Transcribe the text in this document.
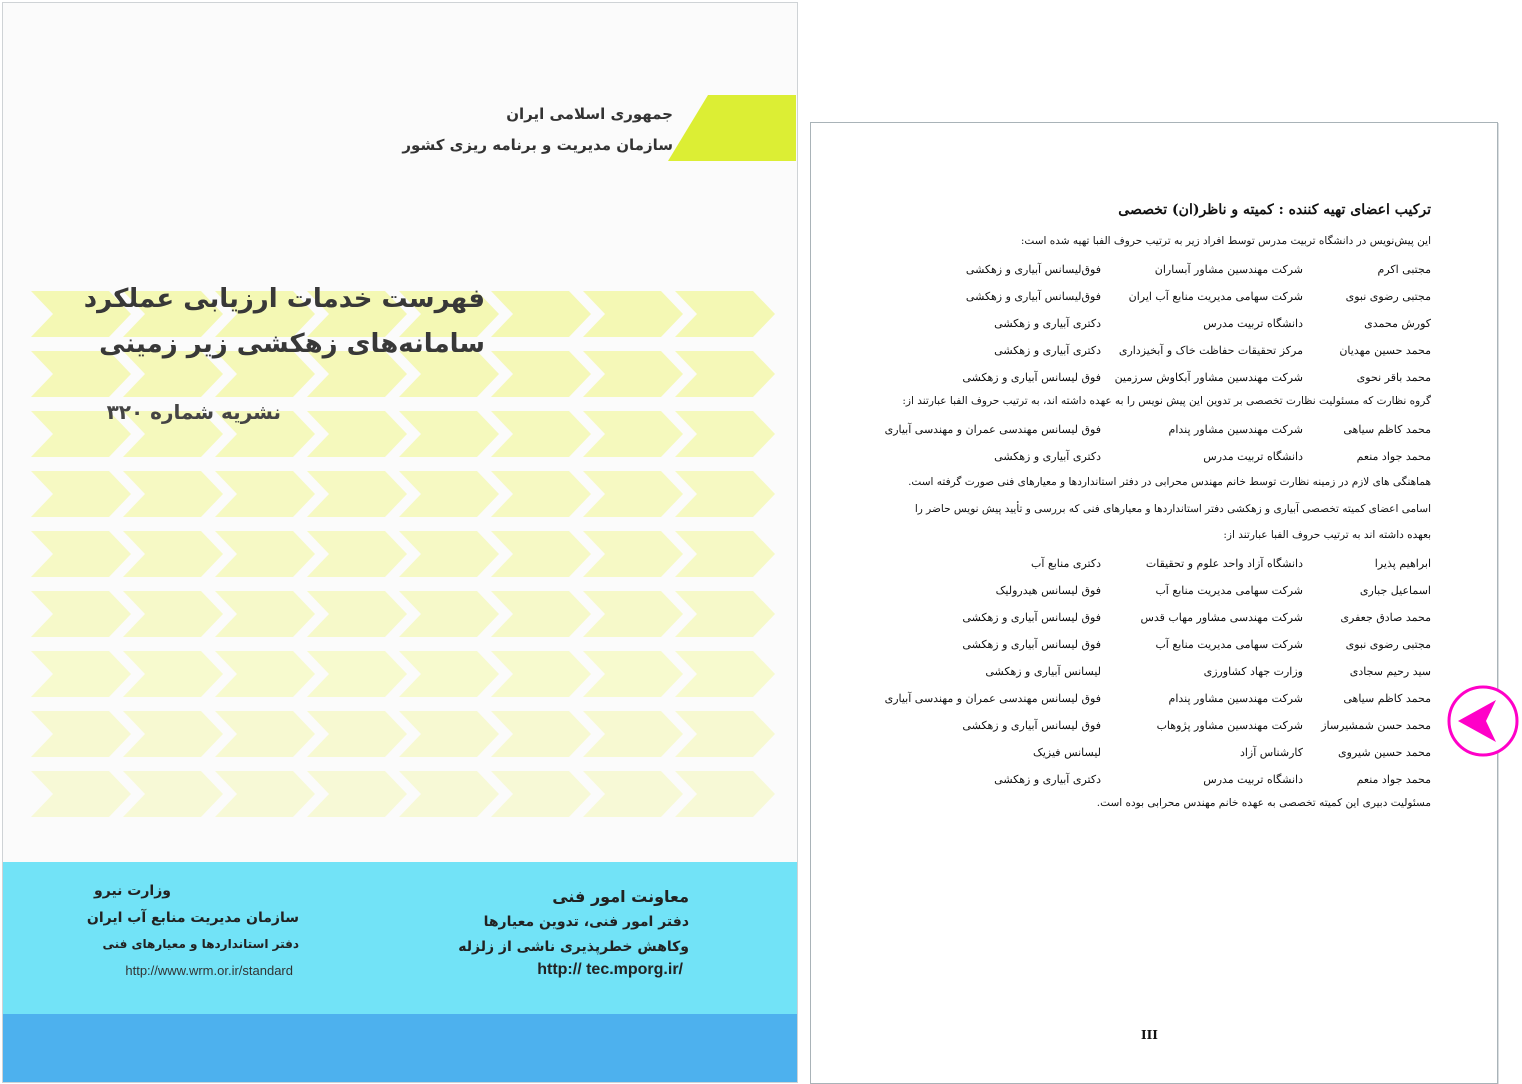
جمهوری اسلامی ایران
سازمان مدیریت و برنامه ریزی کشور
فهرست خدمات ارزیابی عملکرد
سامانه‌های زهکشی زیر زمینی
نشریه شماره ۳۲۰
معاونت امور فنی
دفتر امور فنی، تدوین معیارها
وکاهش خطرپذیری ناشی از زلزله
http:// tec.mporg.ir/
وزارت نیرو
سازمان مدیریت منابع آب ایران
دفتر استانداردها و معیارهای فنی
http://www.wrm.or.ir/standard
ترکیب اعضای تهیه کننده : کمیته و ناظر(ان) تخصصی
این پیش‌نویس در دانشگاه تربیت مدرس توسط افراد زیر به ترتیب حروف الفبا تهیه شده است:
مجتبی اکرم
شرکت مهندسین مشاور آبساران
فوق‌لیسانس آبیاری و زهکشی
مجتبی رضوی نبوی
شرکت سهامی مدیریت منابع آب ایران
فوق‌لیسانس آبیاری و زهکشی
کورش محمدی
دانشگاه تربیت مدرس
دکتری آبیاری و زهکشی
محمد حسین مهدیان
مرکز تحقیقات حفاظت خاک و آبخیزداری
دکتری آبیاری و زهکشی
محمد باقر نحوی
شرکت مهندسین مشاور آبکاوش سرزمین
فوق لیسانس آبیاری و زهکشی
گروه نظارت که مسئولیت نظارت تخصصی بر تدوین این پیش نویس را به عهده داشته اند، به ترتیب حروف الفبا عبارتند از:
محمد کاظم سیاهی
شرکت مهندسین مشاور پندام
فوق لیسانس مهندسی عمران و مهندسی آبیاری
محمد جواد منعم
دانشگاه تربیت مدرس
دکتری آبیاری و زهکشی
هماهنگی های لازم در زمینه نظارت توسط خانم مهندس محرابی در دفتر استانداردها و معیارهای فنی صورت گرفته است.
اسامی اعضای کمیته تخصصی آبیاری و زهکشی دفتر استانداردها و معیارهای فنی که بررسی و تأیید پیش نویس حاضر را
بعهده داشته اند به ترتیب حروف الفبا عبارتند از:
ابراهیم پذیرا
دانشگاه آزاد واحد علوم و تحقیقات
دکتری منابع آب
اسماعیل جباری
شرکت سهامی مدیریت منابع آب
فوق لیسانس هیدرولیک
محمد صادق جعفری
شرکت مهندسی مشاور مهاب قدس
فوق لیسانس آبیاری و زهکشی
مجتبی رضوی نبوی
شرکت سهامی مدیریت منابع آب
فوق لیسانس آبیاری و زهکشی
سید رحیم سجادی
وزارت جهاد کشاورزی
لیسانس آبیاری و زهکشی
محمد کاظم سیاهی
شرکت مهندسین مشاور پندام
فوق لیسانس مهندسی عمران و مهندسی آبیاری
محمد حسن شمشیرساز
شرکت مهندسین مشاور پژوهاب
فوق لیسانس آبیاری و زهکشی
محمد حسین شیروی
کارشناس آزاد
لیسانس فیزیک
محمد جواد منعم
دانشگاه تربیت مدرس
دکتری آبیاری و زهکشی
مسئولیت دبیری این کمیته تخصصی به عهده خانم مهندس محرابی بوده است.
III
